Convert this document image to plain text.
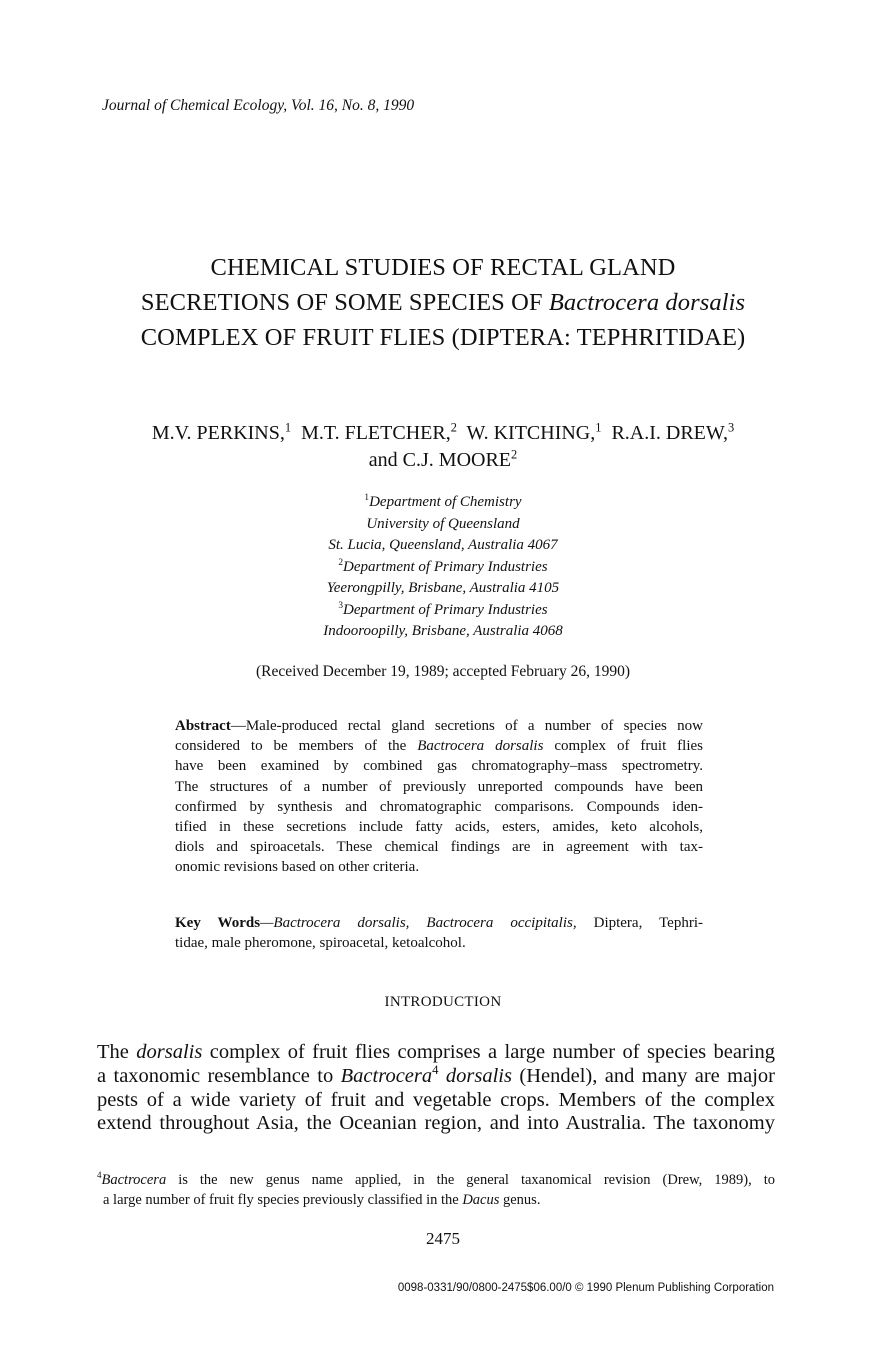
Journal of Chemical Ecology, Vol. 16, No. 8, 1990
CHEMICAL STUDIES OF RECTAL GLAND
SECRETIONS OF SOME SPECIES OF Bactrocera dorsalis
COMPLEX OF FRUIT FLIES (DIPTERA: TEPHRITIDAE)
M.V. PERKINS,$^1$ M.T. FLETCHER,$^2$ W. KITCHING,$^1$ R.A.I. DREW,$^3$
and C.J. MOORE$^2$
$^1$Department of Chemistry
University of Queensland
St. Lucia, Queensland, Australia 4067
$^2$Department of Primary Industries
Yeerongpilly, Brisbane, Australia 4105
$^3$Department of Primary Industries
Indooroopilly, Brisbane, Australia 4068
(Received December 19, 1989; accepted February 26, 1990)
Abstract—Male-produced rectal gland secretions of a number of species now
considered to be members of the Bactrocera dorsalis complex of fruit flies
have been examined by combined gas chromatography–mass spectrometry.
The structures of a number of previously unreported compounds have been
confirmed by synthesis and chromatographic comparisons. Compounds iden-
tified in these secretions include fatty acids, esters, amides, keto alcohols,
diols and spiroacetals. These chemical findings are in agreement with tax-
onomic revisions based on other criteria.
Key Words—Bactrocera dorsalis, Bactrocera occipitalis, Diptera, Tephri-
tidae, male pheromone, spiroacetal, ketoalcohol.
INTRODUCTION
The dorsalis complex of fruit flies comprises a large number of species bearing
a taxonomic resemblance to Bactrocera$^4$ dorsalis (Hendel), and many are major
pests of a wide variety of fruit and vegetable crops. Members of the complex
extend throughout Asia, the Oceanian region, and into Australia. The taxonomy
$^4$Bactrocera is the new genus name applied, in the general taxanomical revision (Drew, 1989), to
a large number of fruit fly species previously classified in the Dacus genus.
2475
0098-0331/90/0800-2475$06.00/0 © 1990 Plenum Publishing Corporation
